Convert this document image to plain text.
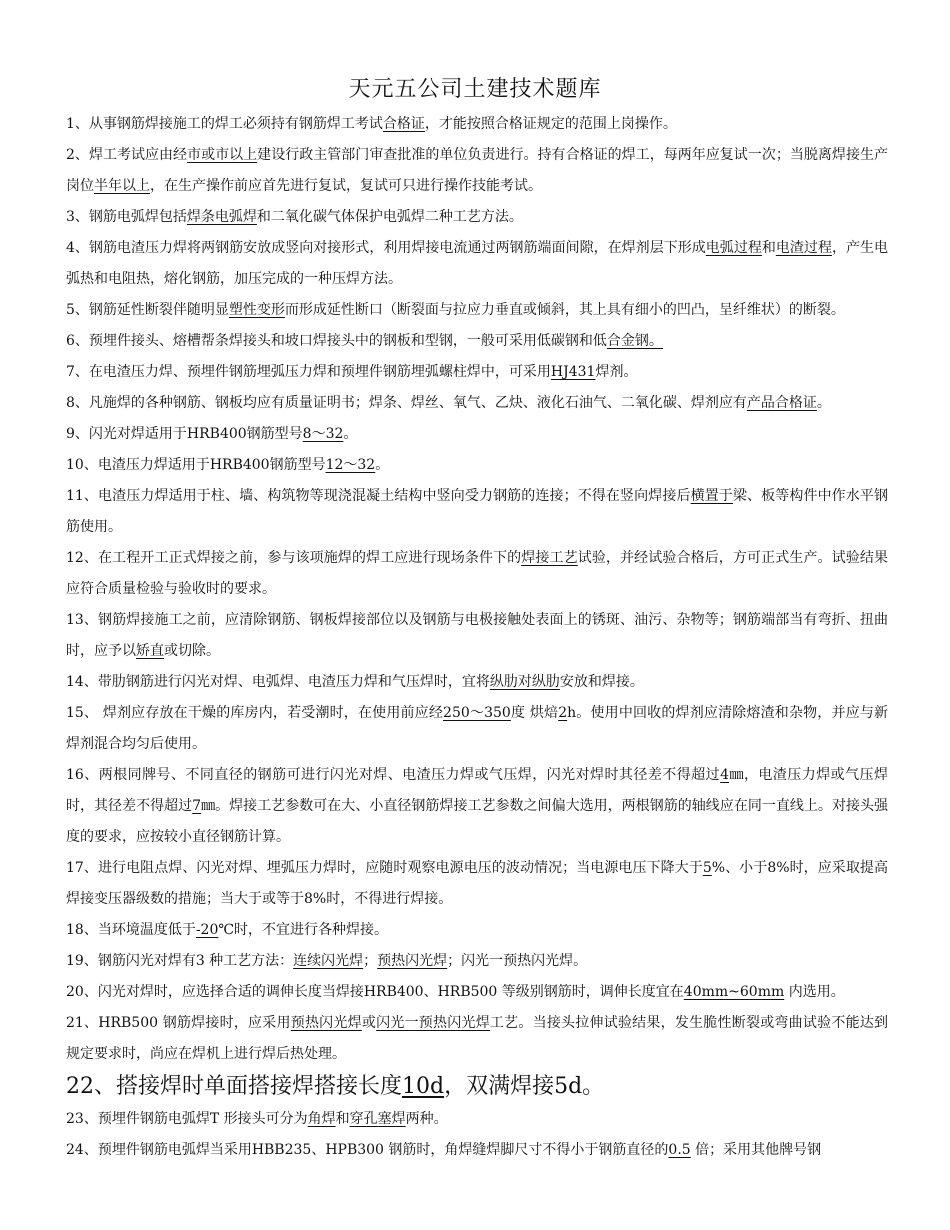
天元五公司土建技术题库

1、从事钢筋焊接施工的焊工必须持有钢筋焊工考试合格证，才能按照合格证规定的范围上岗操作。

2、焊工考试应由经市或市以上建设行政主管部门审查批准的单位负责进行。持有合格证的焊工，每两年应复试一次；当脱离焊接生产岗位半年以上，在生产操作前应首先进行复试，复试可只进行操作技能考试。

3、钢筋电弧焊包括焊条电弧焊和二氧化碳气体保护电弧焊二种工艺方法。

4、钢筋电渣压力焊将两钢筋安放成竖向对接形式，利用焊接电流通过两钢筋端面间隙，在焊剂层下形成电弧过程和电渣过程，产生电弧热和电阻热，熔化钢筋，加压完成的一种压焊方法。

5、钢筋延性断裂伴随明显塑性变形而形成延性断口（断裂面与拉应力垂直或倾斜，其上具有细小的凹凸，呈纤维状）的断裂。

6、预埋件接头、熔槽帮条焊接头和坡口焊接头中的钢板和型钢，一般可采用低碳钢和低合金钢。

7、在电渣压力焊、预埋件钢筋埋弧压力焊和预埋件钢筋埋弧螺柱焊中，可采用HJ431焊剂。

8、凡施焊的各种钢筋、钢板均应有质量证明书；焊条、焊丝、氧气、乙炔、液化石油气、二氧化碳、焊剂应有产品合格证。

9、闪光对焊适用于HRB400钢筋型号8～32。

10、电渣压力焊适用于HRB400钢筋型号12～32。

11、电渣压力焊适用于柱、墙、构筑物等现浇混凝土结构中竖向受力钢筋的连接；不得在竖向焊接后横置于梁、板等构件中作水平钢筋使用。

12、在工程开工正式焊接之前，参与该项施焊的焊工应进行现场条件下的焊接工艺试验，并经试验合格后，方可正式生产。试验结果应符合质量检验与验收时的要求。

13、钢筋焊接施工之前，应清除钢筋、钢板焊接部位以及钢筋与电极接触处表面上的锈斑、油污、杂物等；钢筋端部当有弯折、扭曲时，应予以矫直或切除。

14、带肋钢筋进行闪光对焊、电弧焊、电渣压力焊和气压焊时，宜将纵肋对纵肋安放和焊接。

15、 焊剂应存放在干燥的库房内，若受潮时，在使用前应经250～350度 烘焙2h。使用中回收的焊剂应清除熔渣和杂物，并应与新焊剂混合均匀后使用。

16、两根同牌号、不同直径的钢筋可进行闪光对焊、电渣压力焊或气压焊，闪光对焊时其径差不得超过4㎜，电渣压力焊或气压焊时，其径差不得超过7㎜。焊接工艺参数可在大、小直径钢筋焊接工艺参数之间偏大选用，两根钢筋的轴线应在同一直线上。对接头强度的要求，应按较小直径钢筋计算。

17、进行电阻点焊、闪光对焊、埋弧压力焊时，应随时观察电源电压的波动情况；当电源电压下降大于5%、小于8%时，应采取提高焊接变压器级数的措施；当大于或等于8%时，不得进行焊接。

18、当环境温度低于-20℃时，不宜进行各种焊接。

19、钢筋闪光对焊有3 种工艺方法：连续闪光焊；预热闪光焊；闪光一预热闪光焊。

20、闪光对焊时，应选择合适的调伸长度当焊接HRB400、HRB500 等级别钢筋时，调伸长度宜在40mm~60mm 内选用。

21、HRB500 钢筋焊接时，应采用预热闪光焊或闪光一预热闪光焊工艺。当接头拉伸试验结果，发生脆性断裂或弯曲试验不能达到规定要求时，尚应在焊机上进行焊后热处理。

22、搭接焊时单面搭接焊搭接长度10d，双满焊接5d。

23、预埋件钢筋电弧焊T 形接头可分为角焊和穿孔塞焊两种。

24、预埋件钢筋电弧焊当采用HBB235、HPB300 钢筋时，角焊缝焊脚尺寸不得小于钢筋直径的0.5 倍；采用其他牌号钢
